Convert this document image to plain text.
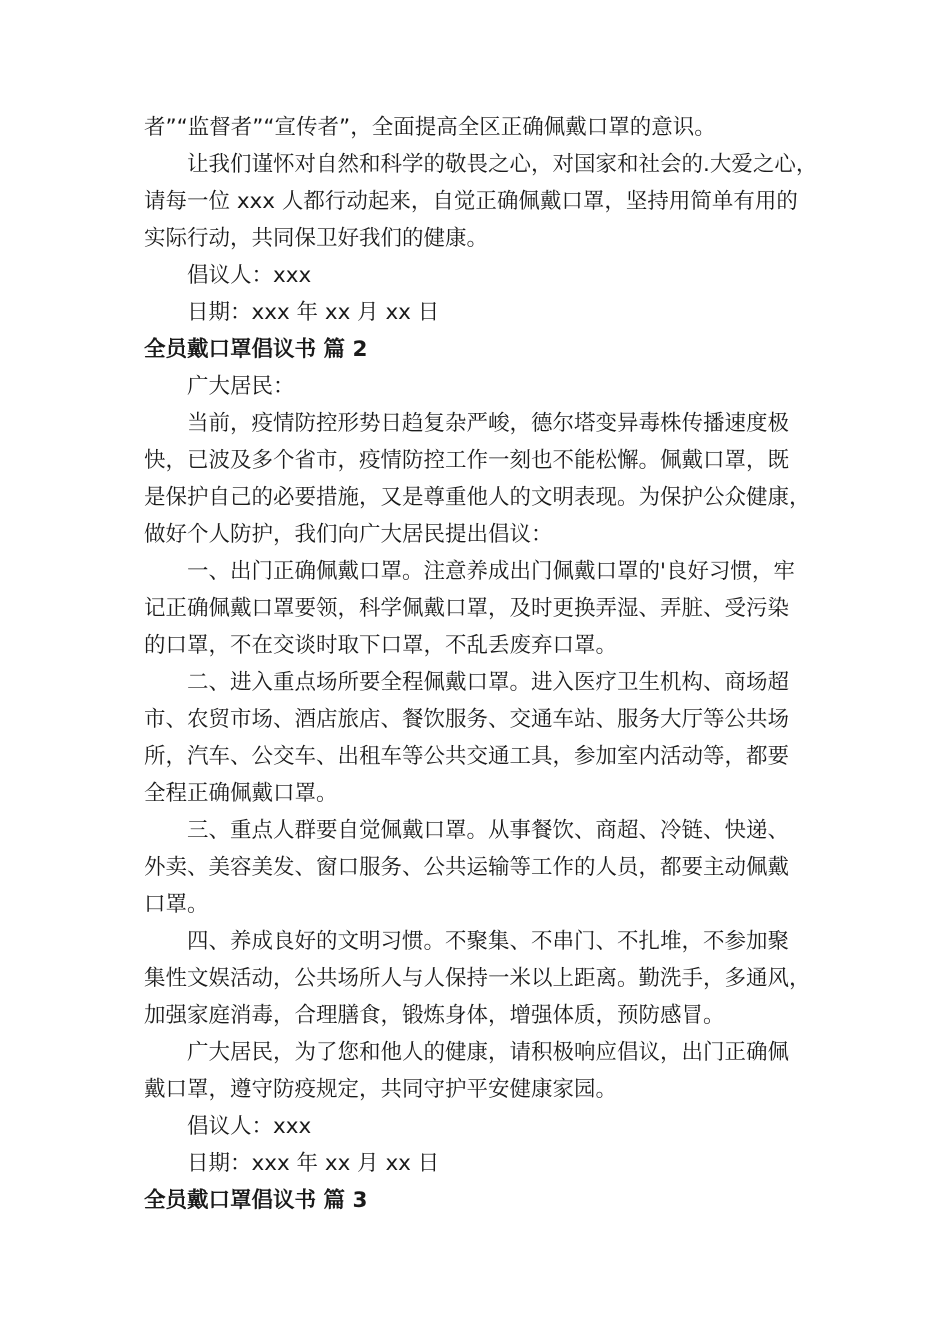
者”“监督者”“宣传者”，全面提高全区正确佩戴口罩的意识。
让我们谨怀对自然和科学的敬畏之心，对国家和社会的.大爱之心，
请每一位 xxx 人都行动起来，自觉正确佩戴口罩，坚持用简单有用的
实际行动，共同保卫好我们的健康。
倡议人：xxx
日期：xxx 年 xx 月 xx 日
全员戴口罩倡议书 篇 2
广大居民：
当前，疫情防控形势日趋复杂严峻，德尔塔变异毒株传播速度极
快，已波及多个省市，疫情防控工作一刻也不能松懈。佩戴口罩，既
是保护自己的必要措施，又是尊重他人的文明表现。为保护公众健康，
做好个人防护，我们向广大居民提出倡议：
一、出门正确佩戴口罩。注意养成出门佩戴口罩的'良好习惯，牢
记正确佩戴口罩要领，科学佩戴口罩，及时更换弄湿、弄脏、受污染
的口罩，不在交谈时取下口罩，不乱丢废弃口罩。
二、进入重点场所要全程佩戴口罩。进入医疗卫生机构、商场超
市、农贸市场、酒店旅店、餐饮服务、交通车站、服务大厅等公共场
所，汽车、公交车、出租车等公共交通工具，参加室内活动等，都要
全程正确佩戴口罩。
三、重点人群要自觉佩戴口罩。从事餐饮、商超、冷链、快递、
外卖、美容美发、窗口服务、公共运输等工作的人员，都要主动佩戴
口罩。
四、养成良好的文明习惯。不聚集、不串门、不扎堆，不参加聚
集性文娱活动，公共场所人与人保持一米以上距离。勤洗手，多通风，
加强家庭消毒，合理膳食，锻炼身体，增强体质，预防感冒。
广大居民，为了您和他人的健康，请积极响应倡议，出门正确佩
戴口罩，遵守防疫规定，共同守护平安健康家园。
倡议人：xxx
日期：xxx 年 xx 月 xx 日
全员戴口罩倡议书 篇 3
